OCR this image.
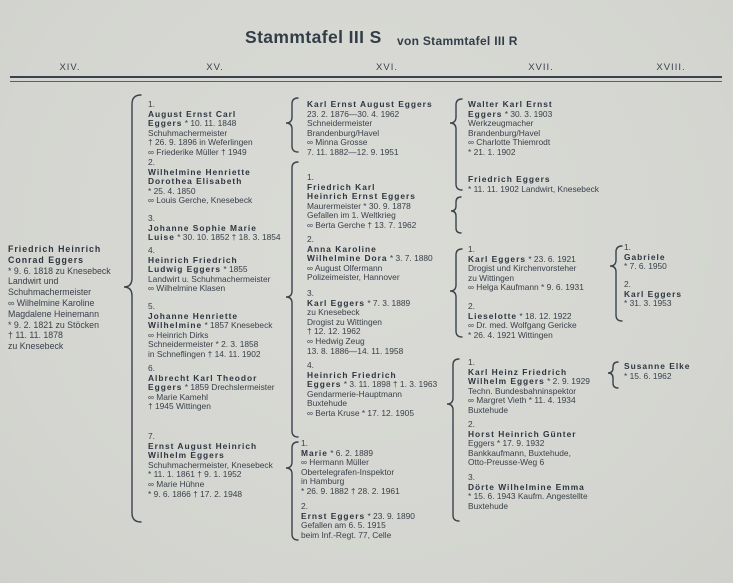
Stammtafel III S von Stammtafel III R
XIV.	XV.	XVI.	XVII.	XVIII.
Friedrich Heinrich
Conrad Eggers
* 9. 6. 1818 zu Knesebeck
Landwirt und
Schuhmachermeister
∞ Wilhelmine Karoline
Magdalene Heinemann
* 9. 2. 1821 zu Stöcken
† 11. 11. 1878
zu Knesebeck
1.
August Ernst Carl
Eggers * 10. 11. 1848
Schuhmachermeister
† 26. 9. 1896 in Weferlingen
∞ Friederike Müller † 1949
2.
Wilhelmine Henriette
Dorothea Elisabeth
* 25. 4. 1850
∞ Louis Gerche, Knesebeck
3.
Johanne Sophie Marie
Luise * 30. 10. 1852 † 18. 3. 1854
4.
Heinrich Friedrich
Ludwig Eggers * 1855
Landwirt u. Schuhmachermeister
∞ Wilhelmine Klasen
5.
Johanne Henriette
Wilhelmine * 1857 Knesebeck
∞ Heinrich Dirks
Schneidermeister * 2. 3. 1858
in Schneflingen † 14. 11. 1902
6.
Albrecht Karl Theodor
Eggers * 1859 Drechslermeister
∞ Marie Kamehl
† 1945 Wittingen
7.
Ernst August Heinrich
Wilhelm Eggers
Schuhmachermeister, Knesebeck
* 11. 1. 1861 † 9. 1. 1952
∞ Marie Hühne
* 9. 6. 1866 † 17. 2. 1948
Karl Ernst August Eggers
23. 2. 1876—30. 4. 1962
Schneidermeister
Brandenburg/Havel
∞ Minna Grosse
7. 11. 1882—12. 9. 1951
1.
Friedrich Karl
Heinrich Ernst Eggers
Maurermeister * 30. 9. 1878
Gefallen im 1. Weltkrieg
∞ Berta Gerche † 13. 7. 1962
2.
Anna Karoline
Wilhelmine Dora * 3. 7. 1880
∞ August Olfermann
Polizeimeister, Hannover
3.
Karl Eggers * 7. 3. 1889
zu Knesebeck
Drogist zu Wittingen
† 12. 12. 1962
∞ Hedwig Zeug
13. 8. 1886—14. 11. 1958
4.
Heinrich Friedrich
Eggers * 3. 11. 1898 † 1. 3. 1963
Gendarmerie-Hauptmann
Buxtehude
∞ Berta Kruse * 17. 12. 1905
1.
Marie * 6. 2. 1889
∞ Hermann Müller
Obertelegrafen-Inspektor
in Hamburg
* 26. 9. 1882 † 28. 2. 1961
2.
Ernst Eggers * 23. 9. 1890
Gefallen am 6. 5. 1915
beim Inf.-Regt. 77, Celle
Walter Karl Ernst
Eggers * 30. 3. 1903
Werkzeugmacher
Brandenburg/Havel
∞ Charlotte Thiemrodt
* 21. 1. 1902
Friedrich Eggers
* 11. 11. 1902 Landwirt, Knesebeck
1.
Karl Eggers * 23. 6. 1921
Drogist und Kirchenvorsteher
zu Wittingen
∞ Helga Kaufmann * 9. 6. 1931
2.
Lieselotte * 18. 12. 1922
∞ Dr. med. Wolfgang Gericke
* 26. 4. 1921 Wittingen
1.
Karl Heinz Friedrich
Wilhelm Eggers * 2. 9. 1929
Techn. Bundesbahninspektor
∞ Margret Vieth * 11. 4. 1934
Buxtehude
2.
Horst Heinrich Günter
Eggers * 17. 9. 1932
Bankkaufmann, Buxtehude,
Otto-Preusse-Weg 6
3.
Dörte Wilhelmine Emma
* 15. 6. 1943 Kaufm. Angestellte
Buxtehude
1.
Gabriele
* 7. 6. 1950
2.
Karl Eggers
* 31. 3. 1953
Susanne Elke
* 15. 6. 1962
